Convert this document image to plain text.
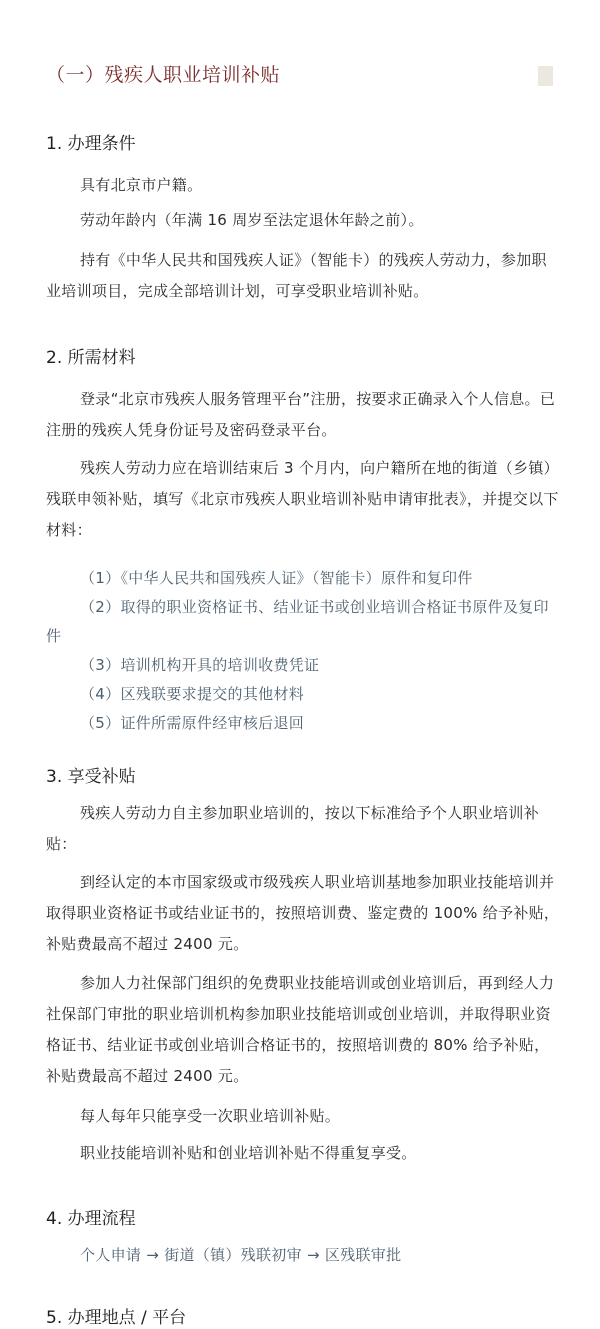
（一）残疾人职业培训补贴
1. 办理条件

具有北京市户籍。

劳动年龄内（年满 16 周岁至法定退休年龄之前）。

持有《中华人民共和国残疾人证》（智能卡）的残疾人劳动力，参加职业培训项目，完成全部培训计划，可享受职业培训补贴。

2. 所需材料

登录“北京市残疾人服务管理平台”注册，按要求正确录入个人信息。已注册的残疾人凭身份证号及密码登录平台。

残疾人劳动力应在培训结束后 3 个月内，向户籍所在地的街道（乡镇）残联申领补贴，填写《北京市残疾人职业培训补贴申请审批表》，并提交以下材料：

（1）《中华人民共和国残疾人证》（智能卡）原件和复印件

（2）取得的职业资格证书、结业证书或创业培训合格证书原件及复印件

（3）培训机构开具的培训收费凭证

（4）区残联要求提交的其他材料

（5）证件所需原件经审核后退回

3. 享受补贴

残疾人劳动力自主参加职业培训的，按以下标准给予个人职业培训补贴：

到经认定的本市国家级或市级残疾人职业培训基地参加职业技能培训并取得职业资格证书或结业证书的，按照培训费、鉴定费的 100% 给予补贴，补贴费最高不超过 2400 元。

参加人力社保部门组织的免费职业技能培训或创业培训后，再到经人力社保部门审批的职业培训机构参加职业技能培训或创业培训，并取得职业资格证书、结业证书或创业培训合格证书的，按照培训费的 80% 给予补贴，补贴费最高不超过 2400 元。

每人每年只能享受一次职业培训补贴。

职业技能培训补贴和创业培训补贴不得重复享受。

4. 办理流程
个人申请 → 街道（镇）残联初审 → 区残联审批
5. 办理地点 / 平台
